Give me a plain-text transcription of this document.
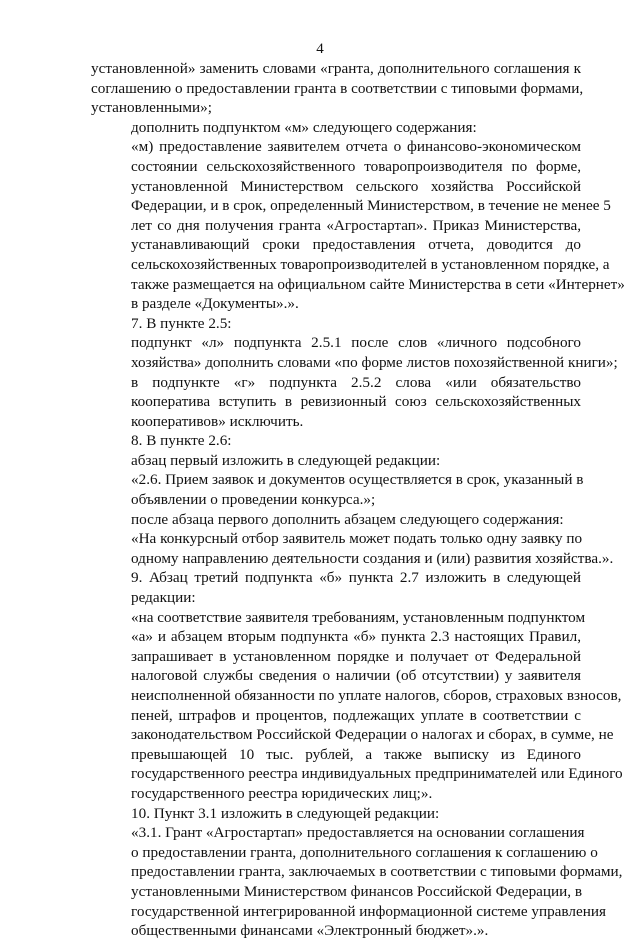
4
установленной» заменить словами «гранта, дополнительного соглашения к
соглашению о предоставлении гранта в соответствии с типовыми формами,
установленными»;
дополнить подпунктом «м» следующего содержания:
«м) предоставление заявителем отчета о финансово-экономическом
состоянии сельскохозяйственного товаропроизводителя по форме,
установленной Министерством сельского хозяйства Российской
Федерации, и в срок, определенный Министерством, в течение не менее 5
лет со дня получения гранта «Агростартап». Приказ Министерства,
устанавливающий сроки предоставления отчета, доводится до
сельскохозяйственных товаропроизводителей в установленном порядке, а
также размещается на официальном сайте Министерства в сети «Интернет»
в разделе «Документы».».
7. В пункте 2.5:
подпункт «л» подпункта 2.5.1 после слов «личного подсобного
хозяйства» дополнить словами «по форме листов похозяйственной книги»;
в подпункте «г» подпункта 2.5.2 слова «или обязательство
кооператива вступить в ревизионный союз сельскохозяйственных
кооперативов» исключить.
8. В пункте 2.6:
абзац первый изложить в следующей редакции:
«2.6. Прием заявок и документов осуществляется в срок, указанный в
объявлении о проведении конкурса.»;
после абзаца первого дополнить абзацем следующего содержания:
«На конкурсный отбор заявитель может подать только одну заявку по
одному направлению деятельности создания и (или) развития хозяйства.».
9. Абзац третий подпункта «б» пункта 2.7 изложить в следующей
редакции:
«на соответствие заявителя требованиям, установленным подпунктом
«а» и абзацем вторым подпункта «б» пункта 2.3 настоящих Правил,
запрашивает в установленном порядке и получает от Федеральной
налоговой службы сведения о наличии (об отсутствии) у заявителя
неисполненной обязанности по уплате налогов, сборов, страховых взносов,
пеней, штрафов и процентов, подлежащих уплате в соответствии с
законодательством Российской Федерации о налогах и сборах, в сумме, не
превышающей 10 тыс. рублей, а также выписку из Единого
государственного реестра индивидуальных предпринимателей или Единого
государственного реестра юридических лиц;».
10. Пункт 3.1 изложить в следующей редакции:
«3.1. Грант «Агростартап» предоставляется на основании соглашения
о предоставлении гранта, дополнительного соглашения к соглашению о
предоставлении гранта, заключаемых в соответствии с типовыми формами,
установленными Министерством финансов Российской Федерации, в
государственной интегрированной информационной системе управления
общественными финансами «Электронный бюджет».».
